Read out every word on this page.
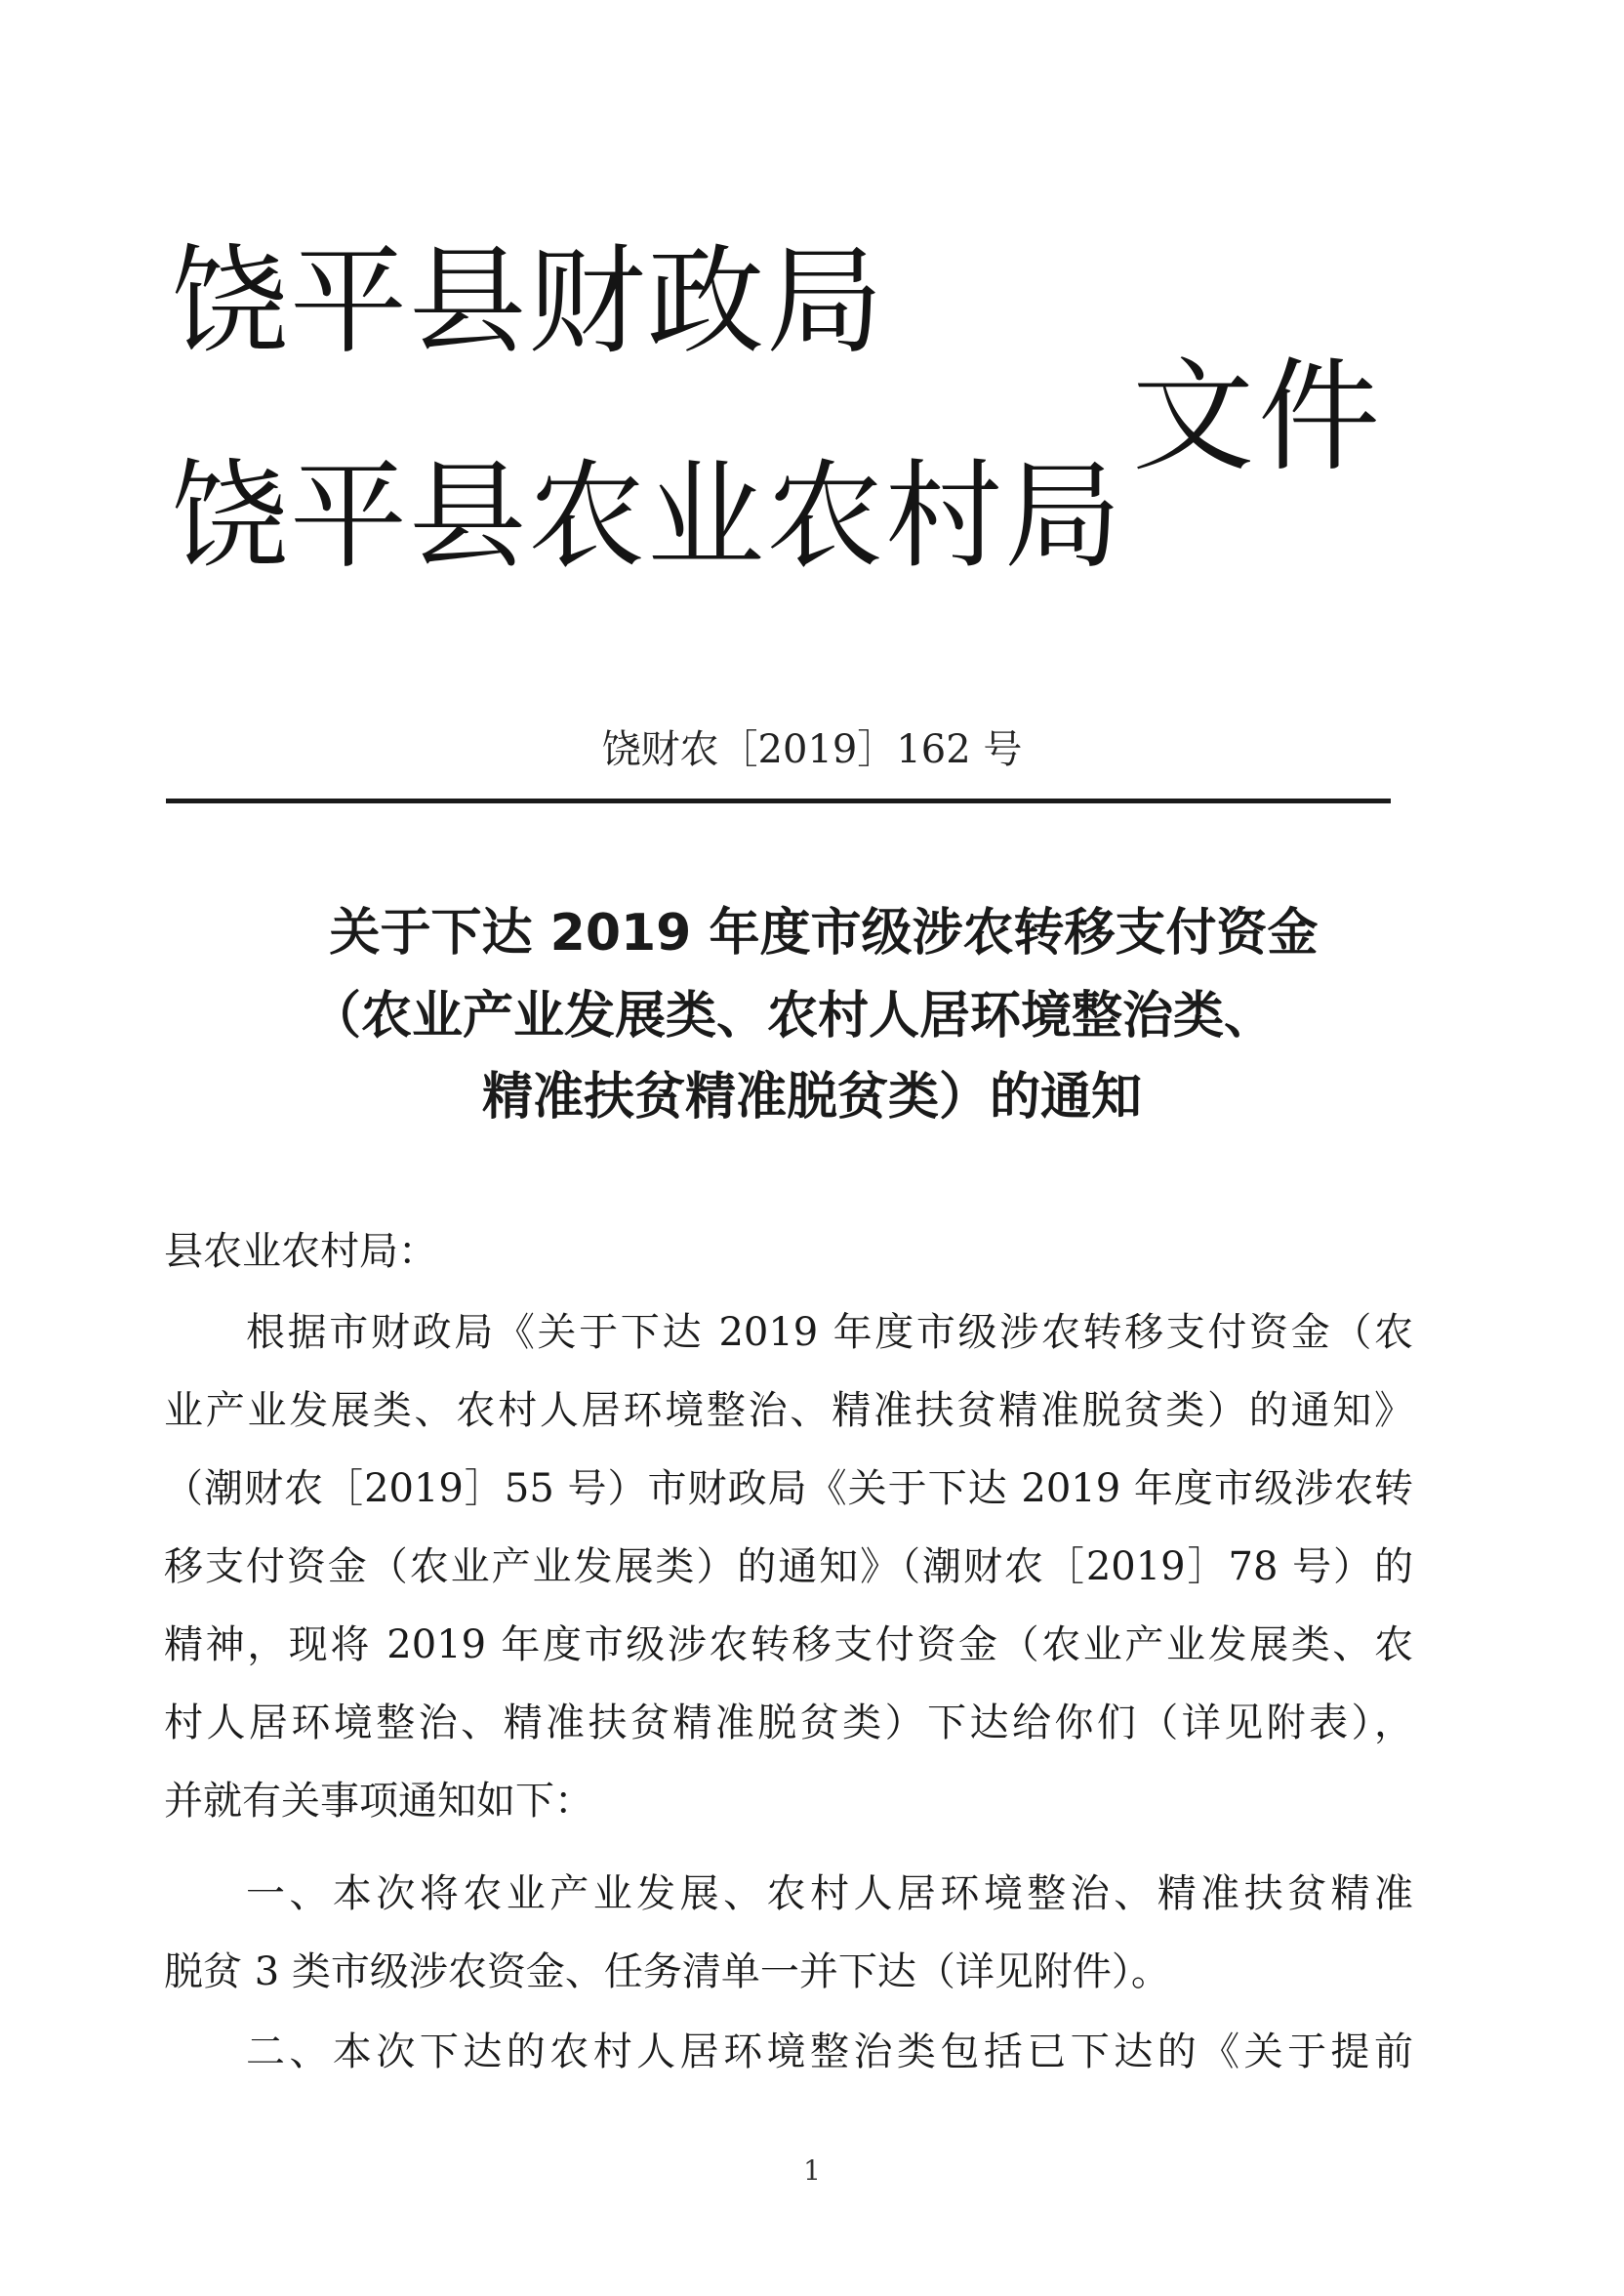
饶平县财政局
饶平县农业农村局
文件
饶财农［2019］162 号
关于下达 2019 年度市级涉农转移支付资金
（农业产业发展类、农村人居环境整治类、
精准扶贫精准脱贫类）的通知
县农业农村局：
根据市财政局《关于下达 2019 年度市级涉农转移支付资金（农
业产业发展类、农村人居环境整治、精准扶贫精准脱贫类）的通知》
（潮财农［2019］55 号）市财政局《关于下达 2019 年度市级涉农转
移支付资金（农业产业发展类）的通知》（潮财农［2019］78 号）的
精神，现将 2019 年度市级涉农转移支付资金（农业产业发展类、农
村人居环境整治、精准扶贫精准脱贫类）下达给你们（详见附表），
并就有关事项通知如下：
一、本次将农业产业发展、农村人居环境整治、精准扶贫精准
脱贫 3 类市级涉农资金、任务清单一并下达（详见附件）。
二、本次下达的农村人居环境整治类包括已下达的《关于提前
1
